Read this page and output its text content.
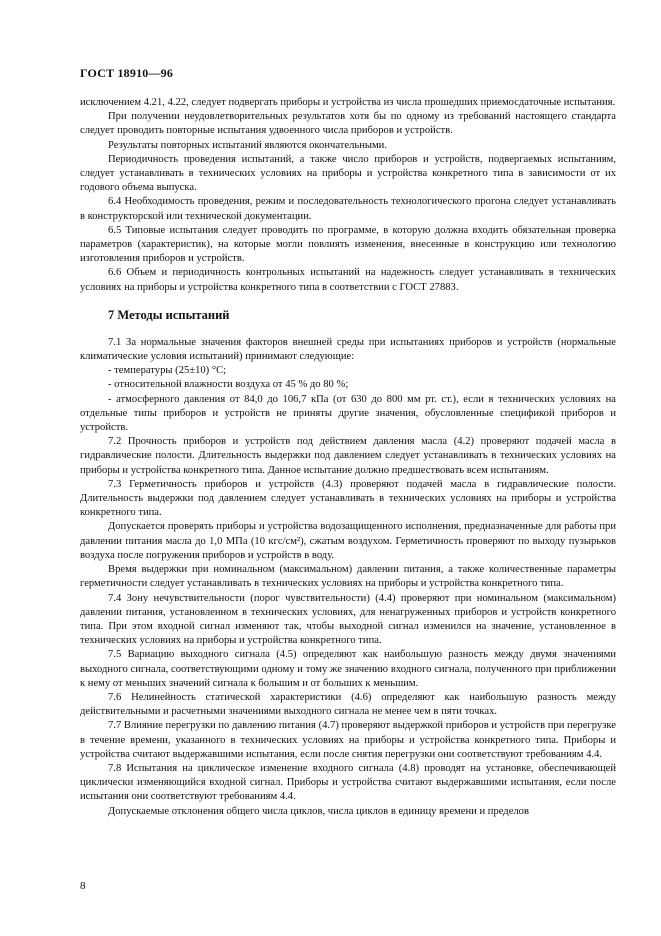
ГОСТ 18910—96

исключением 4.21, 4.22, следует подвергать приборы и устройства из числа прошедших приемосдаточные испытания.

При получении неудовлетворительных результатов хотя бы по одному из требований настоящего стандарта следует проводить повторные испытания удвоенного числа приборов и устройств.

Результаты повторных испытаний являются окончательными.

Периодичность проведения испытаний, а также число приборов и устройств, подвергаемых испытаниям, следует устанавливать в технических условиях на приборы и устройства конкретного типа в зависимости от их годового объема выпуска.

6.4 Необходимость проведения, режим и последовательность технологического прогона следует устанавливать в конструкторской или технической документации.

6.5 Типовые испытания следует проводить по программе, в которую должна входить обязательная проверка параметров (характеристик), на которые могли повлиять изменения, внесенные в конструкцию или технологию изготовления приборов и устройств.

6.6 Объем и периодичность контрольных испытаний на надежность следует устанавливать в технических условиях на приборы и устройства конкретного типа в соответствии с ГОСТ 27883.

7 Методы испытаний

7.1 За нормальные значения факторов внешней среды при испытаниях приборов и устройств (нормальные климатические условия испытаний) принимают следующие:

- температуры (25±10) °С;

- относительной влажности воздуха от 45 % до 80 %;

- атмосферного давления от 84,0 до 106,7 кПа (от 630 до 800 мм рт. ст.), если в технических условиях на отдельные типы приборов и устройств не приняты другие значения, обусловленные спецификой приборов и устройств.

7.2 Прочность приборов и устройств под действием давления масла (4.2) проверяют подачей масла в гидравлические полости. Длительность выдержки под давлением следует устанавливать в технических условиях на приборы и устройства конкретного типа. Данное испытание должно предшествовать всем испытаниям.

7.3 Герметичность приборов и устройств (4.3) проверяют подачей масла в гидравлические полости. Длительность выдержки под давлением следует устанавливать в технических условиях на приборы и устройства конкретного типа.

Допускается проверять приборы и устройства водозащищенного исполнения, предназначенные для работы при давлении питания масла до 1,0 МПа (10 кгс/см²), сжатым воздухом. Герметичность проверяют по выходу пузырьков воздуха после погружения приборов и устройств в воду.

Время выдержки при номинальном (максимальном) давлении питания, а также количественные параметры герметичности следует устанавливать в технических условиях на приборы и устройства конкретного типа.

7.4 Зону нечувствительности (порог чувствительности) (4.4) проверяют при номинальном (максимальном) давлении питания, установленном в технических условиях, для ненагруженных приборов и устройств конкретного типа. При этом входной сигнал изменяют так, чтобы выходной сигнал изменился на значение, установленное в технических условиях на приборы и устройства конкретного типа.

7.5 Вариацию выходного сигнала (4.5) определяют как наибольшую разность между двумя значениями выходного сигнала, соответствующими одному и тому же значению входного сигнала, полученного при приближении к нему от меньших значений сигнала к большим и от больших к меньшим.

7.6 Нелинейность статической характеристики (4.6) определяют как наибольшую разность между действительными и расчетными значениями выходного сигнала не менее чем в пяти точках.

7.7 Влияние перегрузки по давлению питания (4.7) проверяют выдержкой приборов и устройств при перегрузке в течение времени, указанного в технических условиях на приборы и устройства конкретного типа. Приборы и устройства считают выдержавшими испытания, если после снятия перегрузки они соответствуют требованиям 4.4.

7.8 Испытания на циклическое изменение входного сигнала (4.8) проводят на установке, обеспечивающей циклически изменяющийся входной сигнал. Приборы и устройства считают выдержавшими испытания, если после испытания они соответствуют требованиям 4.4.

Допускаемые отклонения общего числа циклов, числа циклов в единицу времени и пределов

8
